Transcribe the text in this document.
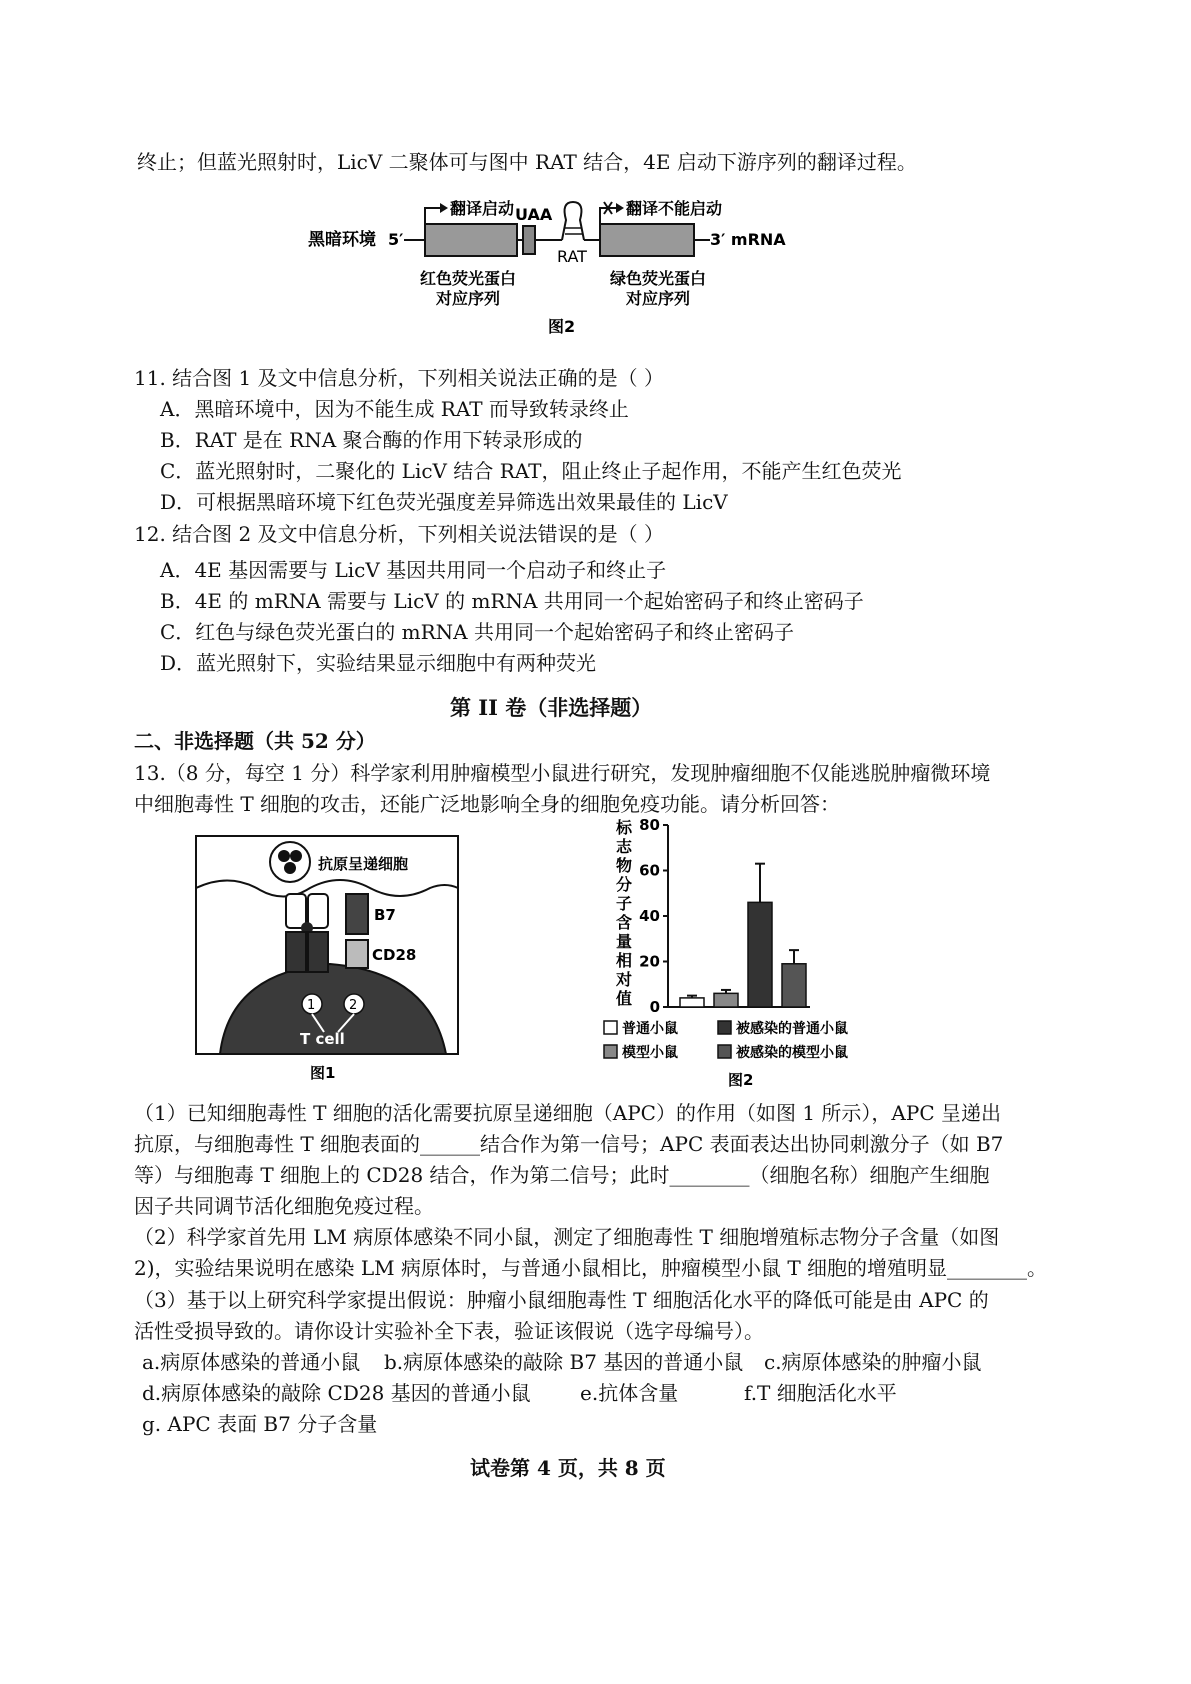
终止；但蓝光照射时，LicV 二聚体可与图中 RAT 结合，4E 启动下游序列的翻译过程。
黑暗环境 5′	3′ mRNA
翻译启动 UAA	翻译不能启动
RAT
红色荧光蛋白
对应序列
绿色荧光蛋白
对应序列
图2
11. 结合图 1 及文中信息分析，下列相关说法正确的是（ ）
A．黑暗环境中，因为不能生成 RAT 而导致转录终止
B．RAT 是在 RNA 聚合酶的作用下转录形成的
C．蓝光照射时，二聚化的 LicV 结合 RAT，阻止终止子起作用，不能产生红色荧光
D．可根据黑暗环境下红色荧光强度差异筛选出效果最佳的 LicV
12. 结合图 2 及文中信息分析，下列相关说法错误的是（ ）
A．4E 基因需要与 LicV 基因共用同一个启动子和终止子
B．4E 的 mRNA 需要与 LicV 的 mRNA 共用同一个起始密码子和终止密码子
C．红色与绿色荧光蛋白的 mRNA 共用同一个起始密码子和终止密码子
D．蓝光照射下，实验结果显示细胞中有两种荧光
第 II 卷（非选择题）
二、非选择题（共 52 分）
13.（8 分，每空 1 分）科学家利用肿瘤模型小鼠进行研究，发现肿瘤细胞不仅能逃脱肿瘤微环境
中细胞毒性 T 细胞的攻击，还能广泛地影响全身的细胞免疫功能。请分析回答：
抗原呈递细胞
B7
CD28
1	2
T cell
图1
标
志
物
分
子
含
量
相
对
值 0
20
40
60
80
普通小鼠	被感染的普通小鼠
模型小鼠	被感染的模型小鼠
图2
（1）已知细胞毒性 T 细胞的活化需要抗原呈递细胞（APC）的作用（如图 1 所示），APC 呈递出
抗原，与细胞毒性 T 细胞表面的______结合作为第一信号；APC 表面表达出协同刺激分子（如 B7
等）与细胞毒 T 细胞上的 CD28 结合，作为第二信号；此时________（细胞名称）细胞产生细胞
因子共同调节活化细胞免疫过程。
（2）科学家首先用 LM 病原体感染不同小鼠，测定了细胞毒性 T 细胞增殖标志物分子含量（如图
2)，实验结果说明在感染 LM 病原体时，与普通小鼠相比，肿瘤模型小鼠 T 细胞的增殖明显________。
（3）基于以上研究科学家提出假说：肿瘤小鼠细胞毒性 T 细胞活化水平的降低可能是由 APC 的
活性受损导致的。请你设计实验补全下表，验证该假说（选字母编号）。
a.病原体感染的普通小鼠 b.病原体感染的敲除 B7 基因的普通小鼠 c.病原体感染的肿瘤小鼠
d.病原体感染的敲除 CD28 基因的普通小鼠 e.抗体含量	f.T 细胞活化水平
g. APC 表面 B7 分子含量
试卷第 4 页，共 8 页
